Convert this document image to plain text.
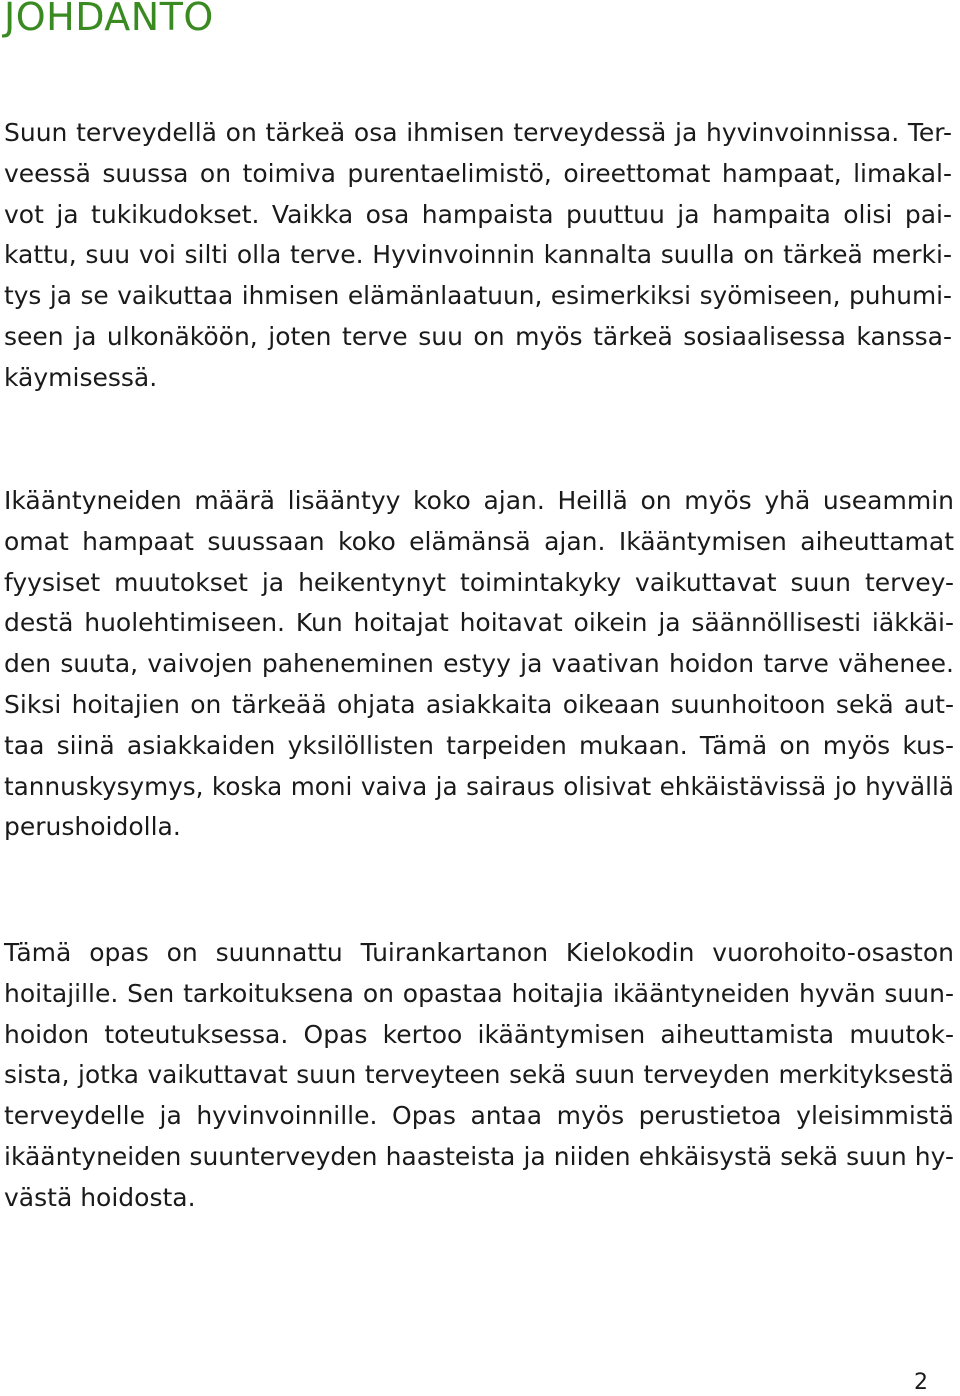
JOHDANTO
Suun terveydellä on tärkeä osa ihmisen terveydessä ja hyvinvoinnissa. Ter-
veessä suussa on toimiva purentaelimistö, oireettomat hampaat, limakal-
vot ja tukikudokset. Vaikka osa hampaista puuttuu ja hampaita olisi pai-
kattu, suu voi silti olla terve. Hyvinvoinnin kannalta suulla on tärkeä merki-
tys ja se vaikuttaa ihmisen elämänlaatuun, esimerkiksi syömiseen, puhumi-
seen ja ulkonäköön, joten terve suu on myös tärkeä sosiaalisessa kanssa-
käymisessä.
Ikääntyneiden määrä lisääntyy koko ajan. Heillä on myös yhä useammin
omat hampaat suussaan koko elämänsä ajan. Ikääntymisen aiheuttamat
fyysiset muutokset ja heikentynyt toimintakyky vaikuttavat suun tervey-
destä huolehtimiseen. Kun hoitajat hoitavat oikein ja säännöllisesti iäkkäi-
den suuta, vaivojen paheneminen estyy ja vaativan hoidon tarve vähenee.
Siksi hoitajien on tärkeää ohjata asiakkaita oikeaan suunhoitoon sekä aut-
taa siinä asiakkaiden yksilöllisten tarpeiden mukaan. Tämä on myös kus-
tannuskysymys, koska moni vaiva ja sairaus olisivat ehkäistävissä jo hyvällä
perushoidolla.
Tämä opas on suunnattu Tuirankartanon Kielokodin vuorohoito-osaston
hoitajille. Sen tarkoituksena on opastaa hoitajia ikääntyneiden hyvän suun-
hoidon toteutuksessa. Opas kertoo ikääntymisen aiheuttamista muutok-
sista, jotka vaikuttavat suun terveyteen sekä suun terveyden merkityksestä
terveydelle ja hyvinvoinnille. Opas antaa myös perustietoa yleisimmistä
ikääntyneiden suunterveyden haasteista ja niiden ehkäisystä sekä suun hy-
västä hoidosta.

2
